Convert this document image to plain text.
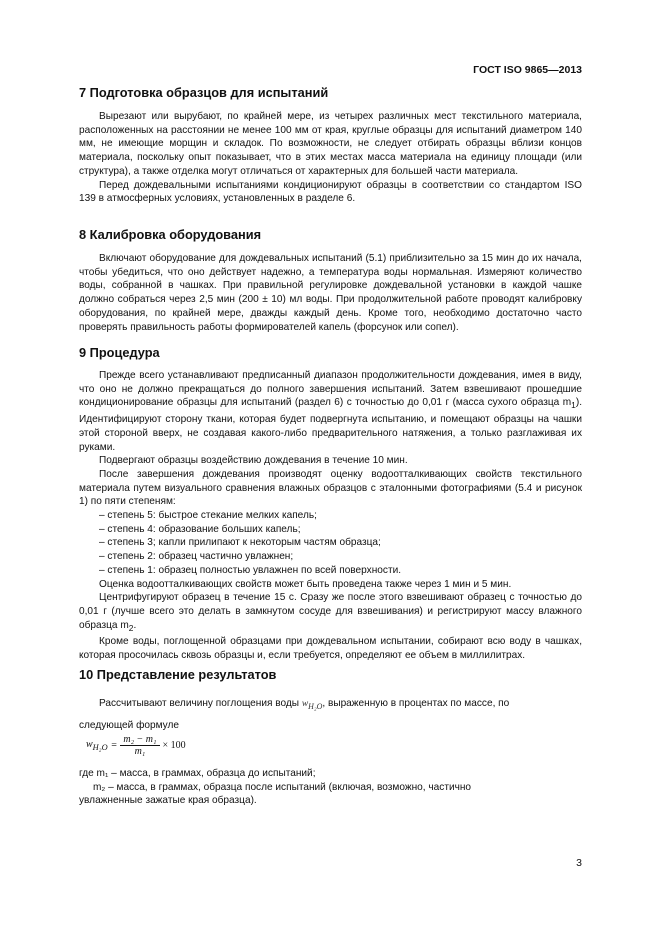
ГОСТ ISO 9865—2013
7 Подготовка образцов для испытаний

Вырезают или вырубают, по крайней мере, из четырех различных мест текстильного материала, расположенных на расстоянии не менее 100 мм от края, круглые образцы для испытаний диаметром 140 мм, не имеющие морщин и складок. По возможности, не следует отбирать образцы вблизи концов материала, поскольку опыт показывает, что в этих местах масса материала на единицу площади (или структура), а также отделка могут отличаться от характерных для большей части материала.

Перед дождевальными испытаниями кондиционируют образцы в соответствии со стандартом ISO 139 в атмосферных условиях, установленных в разделе 6.

8 Калибровка оборудования

Включают оборудование для дождевальных испытаний (5.1) приблизительно за 15 мин до их начала, чтобы убедиться, что оно действует надежно, а температура воды нормальная. Измеряют количество воды, собранной в чашках. При правильной регулировке дождевальной установки в каждой чашке должно собраться через 2,5 мин (200 ± 10) мл воды. При продолжительной работе проводят калибровку оборудования, по крайней мере, дважды каждый день. Кроме того, необходимо достаточно часто проверять правильность работы формирователей капель (форсунок или сопел).

9 Процедура

Прежде всего устанавливают предписанный диапазон продолжительности дождевания, имея в виду, что оно не должно прекращаться до полного завершения испытаний. Затем взвешивают прошедшие кондиционирование образцы для испытаний (раздел 6) с точностью до 0,01 г (масса сухого образца $m_1$). Идентифицируют сторону ткани, которая будет подвергнута испытанию, и помещают образцы на чашки этой стороной вверх, не создавая какого-либо предварительного натяжения, а только разглаживая их руками.

Подвергают образцы воздействию дождевания в течение 10 мин.

После завершения дождевания производят оценку водоотталкивающих свойств текстильного материала путем визуального сравнения влажных образцов с эталонными фотографиями (5.4 и рисунок 1) по пяти степеням:

– степень 5: быстрое стекание мелких капель;

– степень 4: образование больших капель;

– степень 3; капли прилипают к некоторым частям образца;

– степень 2: образец частично увлажнен;

– степень 1: образец полностью увлажнен по всей поверхности.

Оценка водоотталкивающих свойств может быть проведена также через 1 мин и 5 мин.

Центрифугируют образец в течение 15 с. Сразу же после этого взвешивают образец с точностью до 0,01 г (лучше всего это делать в замкнутом сосуде для взвешивания) и регистрируют массу влажного образца $m_2$.

Кроме воды, поглощенной образцами при дождевальном испытании, собирают всю воду в чашках, которая просочилась сквозь образцы и, если требуется, определяют ее объем в миллилитрах.

10 Представление результатов

Рассчитывают величину поглощения воды $w_{H_2O}$, выраженную в процентах по массе, по

следующей формуле

$w_{H_2O} = \frac{\text{m₂ − m₁}}{\text{m₁}} \times 100$

где m₁ – масса, в граммах, образца до испытаний;

m₂ – масса, в граммах, образца после испытаний (включая, возможно, частично

увлажненные зажатые края образца).

3
